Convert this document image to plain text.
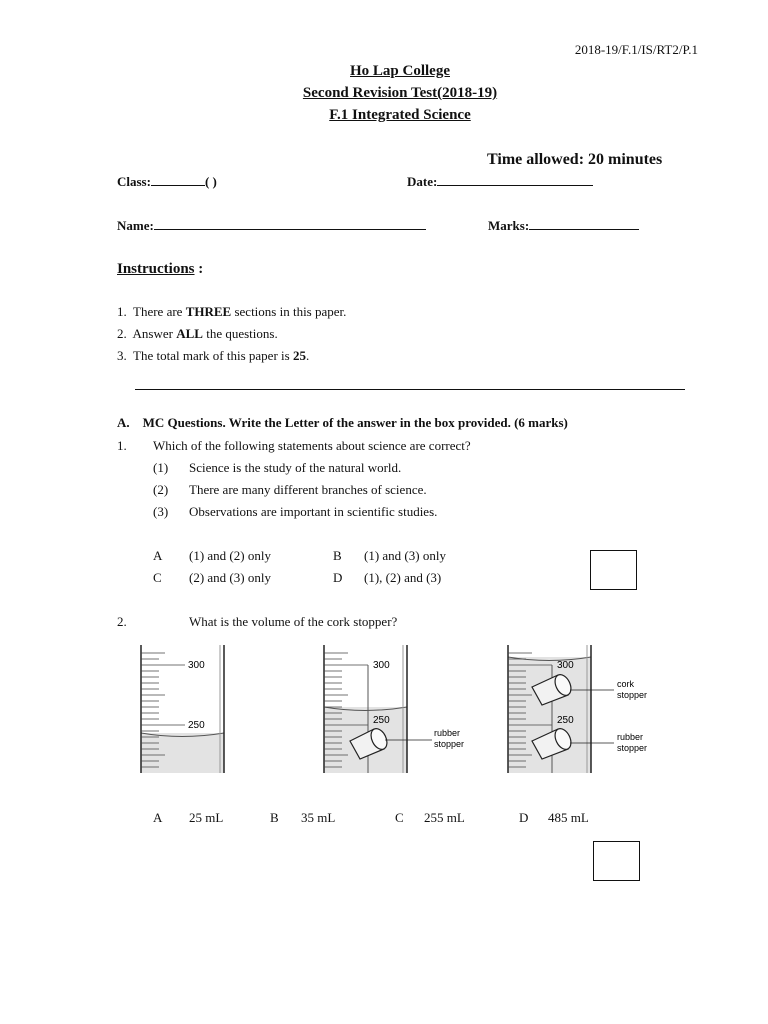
2018-19/F.1/IS/RT2/P.1
Ho Lap College
Second Revision Test(2018-19)
F.1 Integrated Science
Time allowed: 20 minutes
Class:	( )	Date:
Name:	Marks:
Instructions :
1. There are THREE sections in this paper.
2. Answer ALL the questions.
3. The total mark of this paper is 25.
A. MC Questions. Write the Letter of the answer in the box provided. (6 marks)
1. Which of the following statements about science are correct?
(1) Science is the study of the natural world.
(2) There are many different branches of science.
(3) Observations are important in scientific studies.
A (1) and (2) only	B (1) and (3) only
C (2) and (3) only	D (1), (2) and (3)
2.	What is the volume of the cork stopper?
300
250
300
250
rubber
stopper
300
250
cork
stopper
rubber
stopper
A 25 mL	B 35 mL	C 255 mL	D 485 mL
